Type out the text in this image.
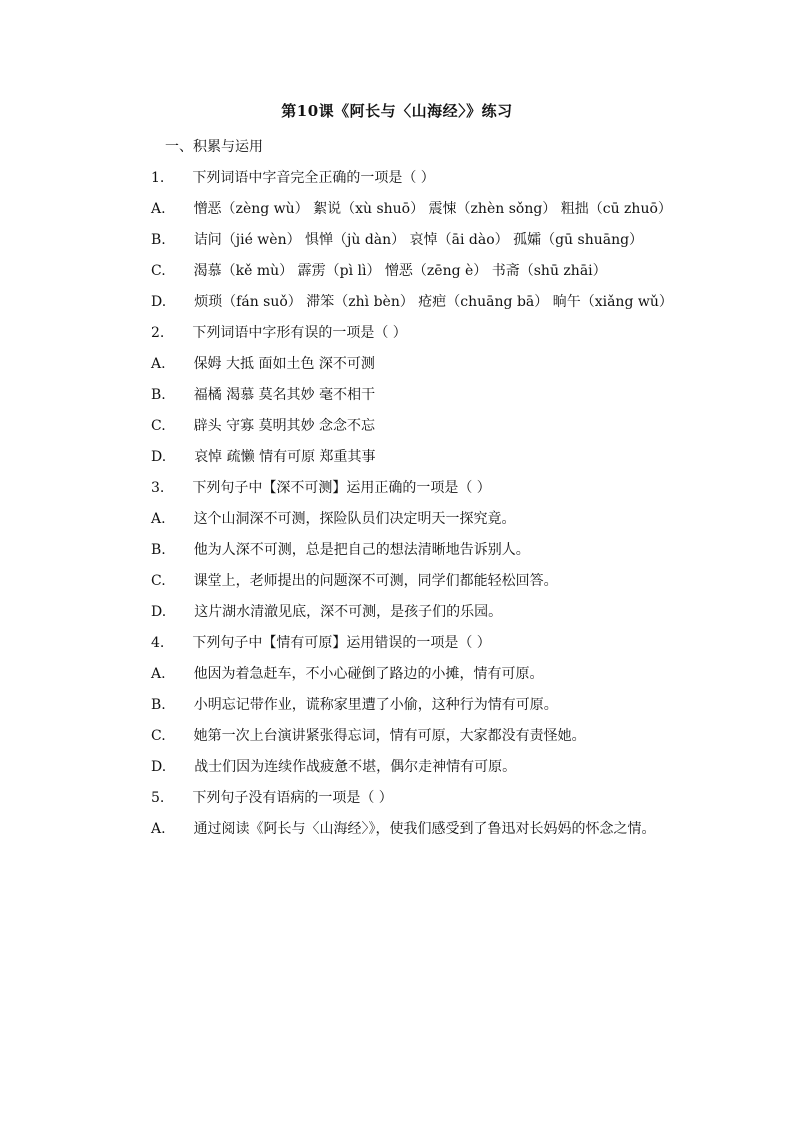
第10课《阿长与〈山海经〉》练习
一、积累与运用
1. 下列词语中字音完全正确的一项是（ ）
A. 憎恶（zèng wù） 絮说（xù shuō） 震悚（zhèn sǒng） 粗拙（cū zhuō）
B. 诘问（jié wèn） 惧惮（jù dàn） 哀悼（āi dào） 孤孀（gū shuāng）
C. 渴慕（kě mù） 霹雳（pì lì） 憎恶（zēng è） 书斋（shū zhāi）
D. 烦琐（fán suǒ） 滞笨（zhì bèn） 疮疤（chuāng bā） 晌午（xiǎng wǔ）
2. 下列词语中字形有误的一项是（ ）
A. 保姆 大抵 面如土色 深不可测
B. 福橘 渴慕 莫名其妙 毫不相干
C. 辟头 守寡 莫明其妙 念念不忘
D. 哀悼 疏懒 情有可原 郑重其事
3. 下列句子中【深不可测】运用正确的一项是（ ）
A. 这个山洞深不可测，探险队员们决定明天一探究竟。
B. 他为人深不可测，总是把自己的想法清晰地告诉别人。
C. 课堂上，老师提出的问题深不可测，同学们都能轻松回答。
D. 这片湖水清澈见底，深不可测，是孩子们的乐园。
4. 下列句子中【情有可原】运用错误的一项是（ ）
A. 他因为着急赶车，不小心碰倒了路边的小摊，情有可原。
B. 小明忘记带作业，谎称家里遭了小偷，这种行为情有可原。
C. 她第一次上台演讲紧张得忘词，情有可原，大家都没有责怪她。
D. 战士们因为连续作战疲惫不堪，偶尔走神情有可原。
5. 下列句子没有语病的一项是（ ）
A. 通过阅读《阿长与〈山海经〉》，使我们感受到了鲁迅对长妈妈的怀念之情。
